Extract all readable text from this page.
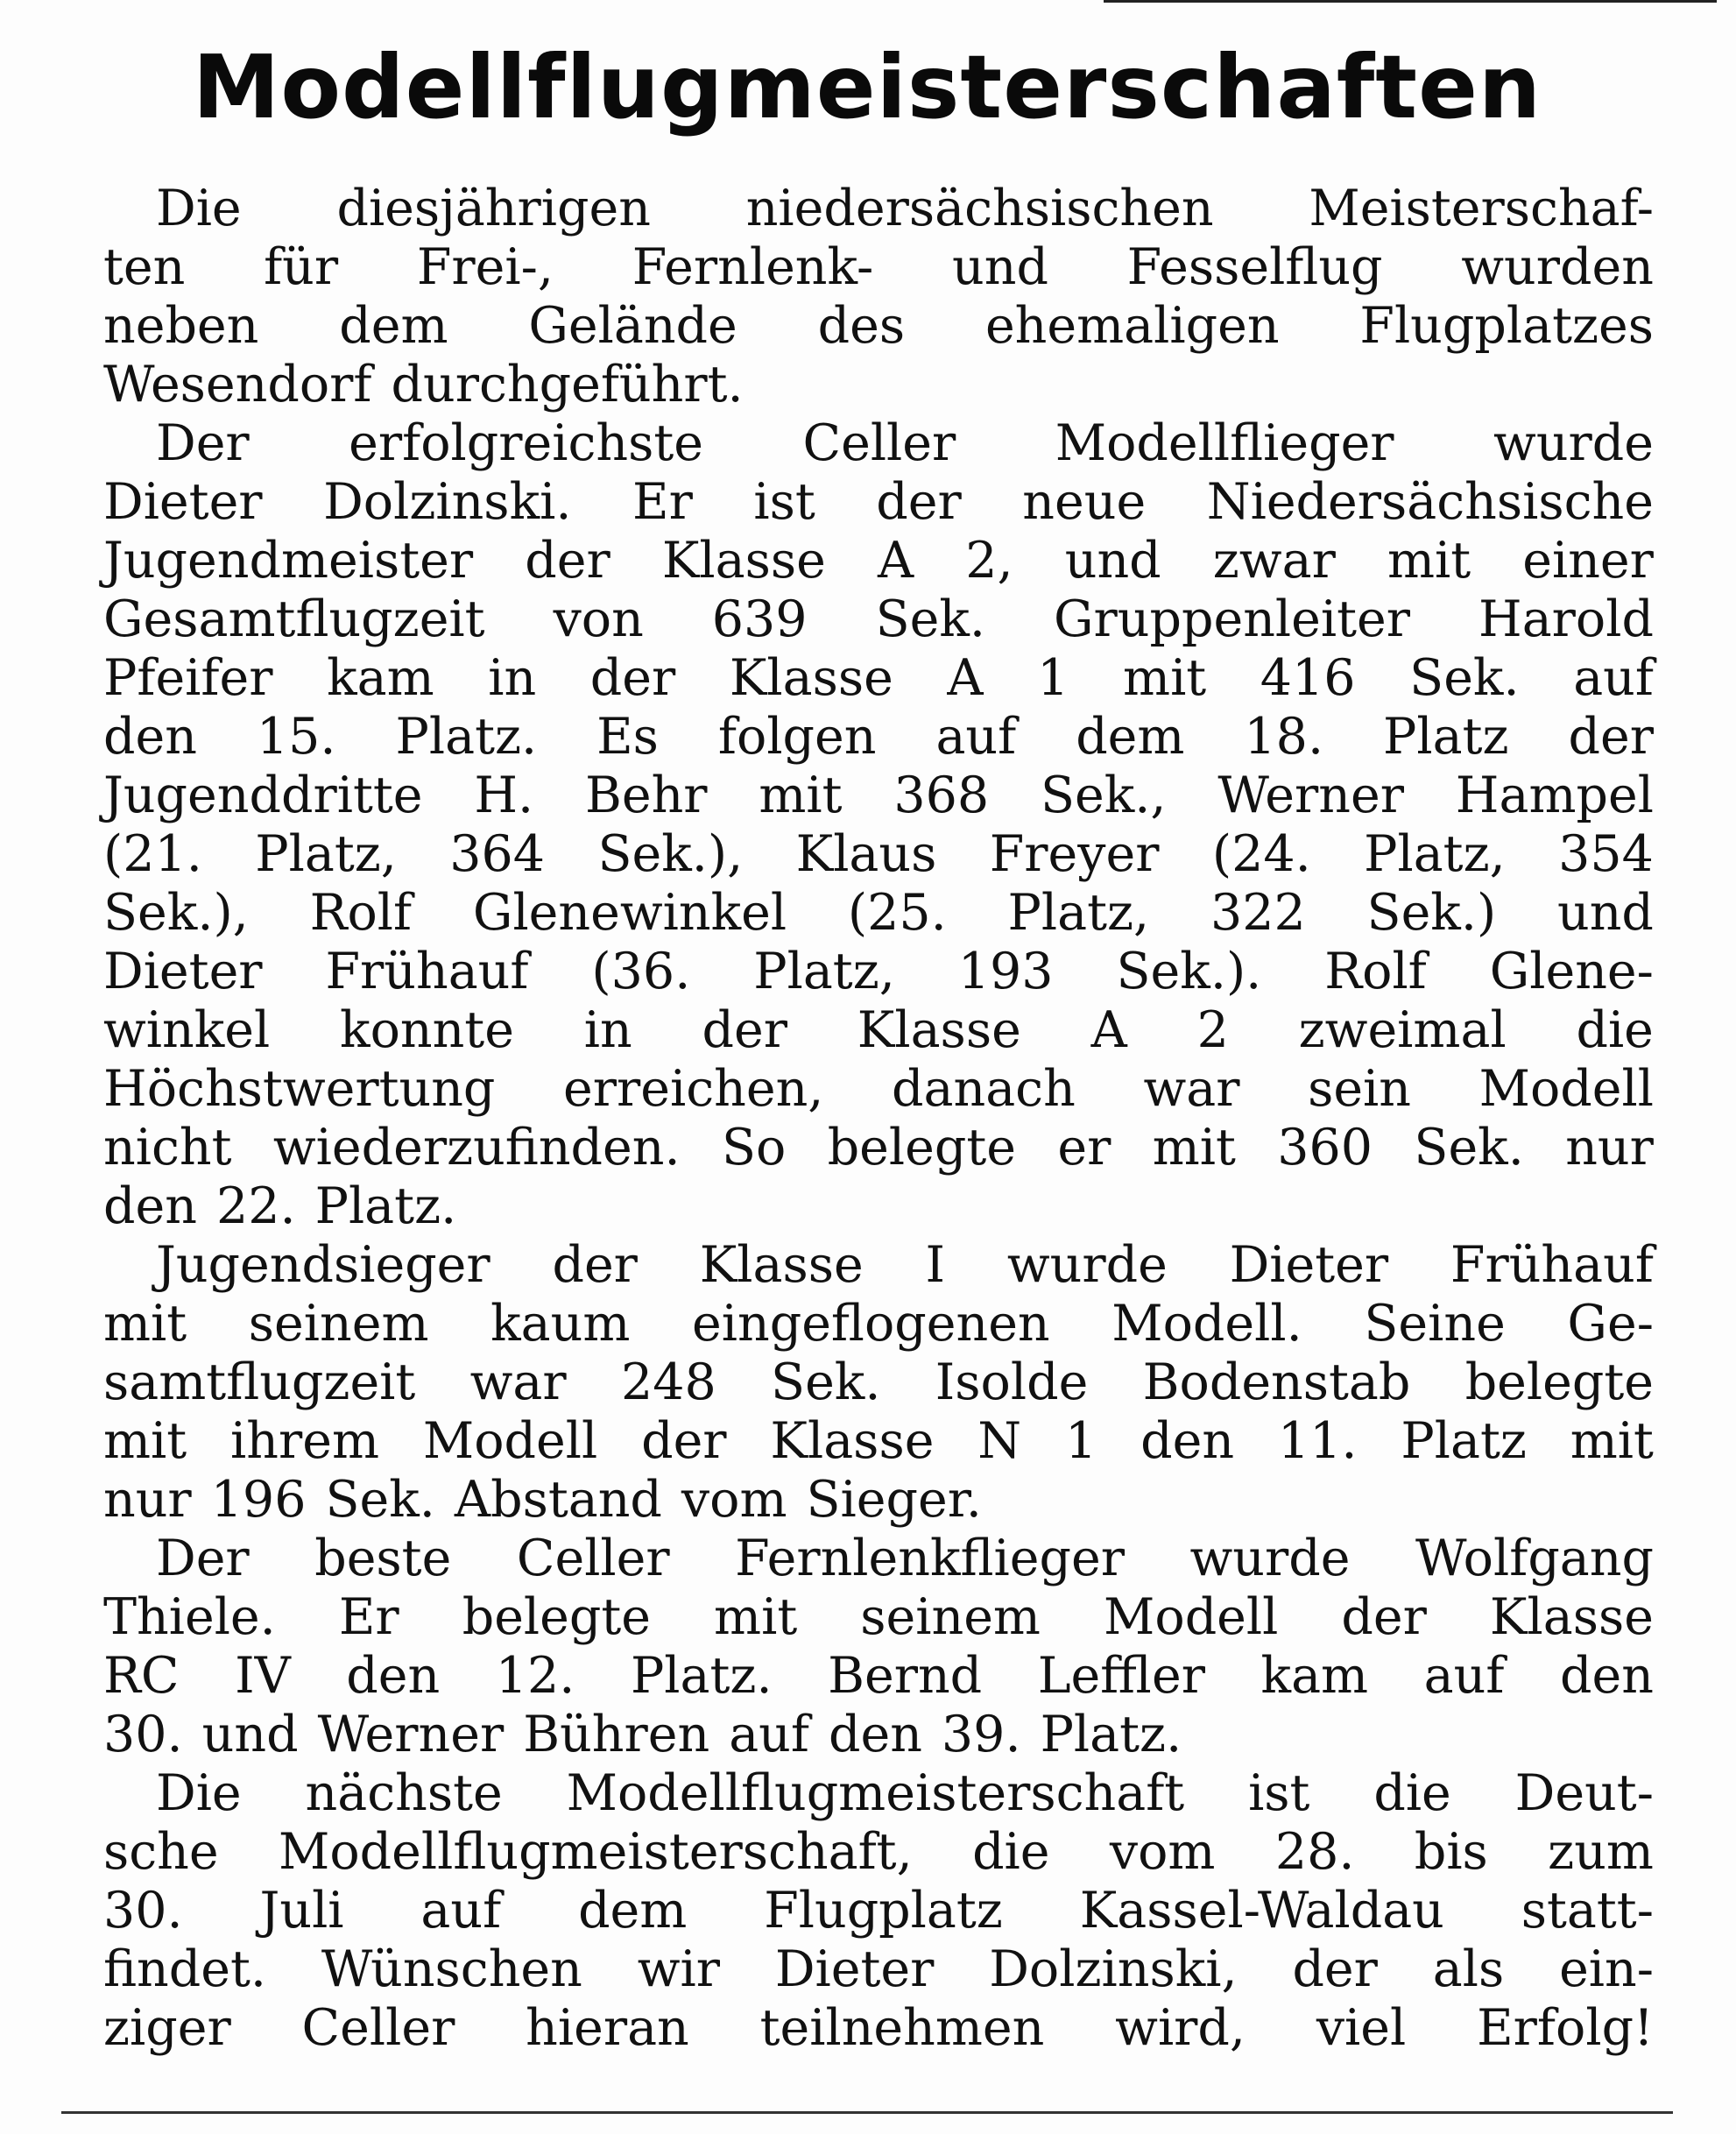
Modellflugmeisterschaften
Die diesjährigen niedersächsischen Meisterschaf-
ten für Frei-, Fernlenk- und Fesselflug wurden
neben dem Gelände des ehemaligen Flugplatzes
Wesendorf durchgeführt.
Der erfolgreichste Celler Modellflieger wurde
Dieter Dolzinski. Er ist der neue Niedersächsische
Jugendmeister der Klasse A 2, und zwar mit einer
Gesamtflugzeit von 639 Sek. Gruppenleiter Harold
Pfeifer kam in der Klasse A 1 mit 416 Sek. auf
den 15. Platz. Es folgen auf dem 18. Platz der
Jugenddritte H. Behr mit 368 Sek., Werner Hampel
(21. Platz, 364 Sek.), Klaus Freyer (24. Platz, 354
Sek.), Rolf Glenewinkel (25. Platz, 322 Sek.) und
Dieter Frühauf (36. Platz, 193 Sek.). Rolf Glene-
winkel konnte in der Klasse A 2 zweimal die
Höchstwertung erreichen, danach war sein Modell
nicht wiederzufinden. So belegte er mit 360 Sek. nur
den 22. Platz.
Jugendsieger der Klasse I wurde Dieter Frühauf
mit seinem kaum eingeflogenen Modell. Seine Ge-
samtflugzeit war 248 Sek. Isolde Bodenstab belegte
mit ihrem Modell der Klasse N 1 den 11. Platz mit
nur 196 Sek. Abstand vom Sieger.
Der beste Celler Fernlenkflieger wurde Wolfgang
Thiele. Er belegte mit seinem Modell der Klasse
RC IV den 12. Platz. Bernd Leffler kam auf den
30. und Werner Bühren auf den 39. Platz.
Die nächste Modellflugmeisterschaft ist die Deut-
sche Modellflugmeisterschaft, die vom 28. bis zum
30. Juli auf dem Flugplatz Kassel-Waldau statt-
findet. Wünschen wir Dieter Dolzinski, der als ein-
ziger Celler hieran teilnehmen wird, viel Erfolg!
